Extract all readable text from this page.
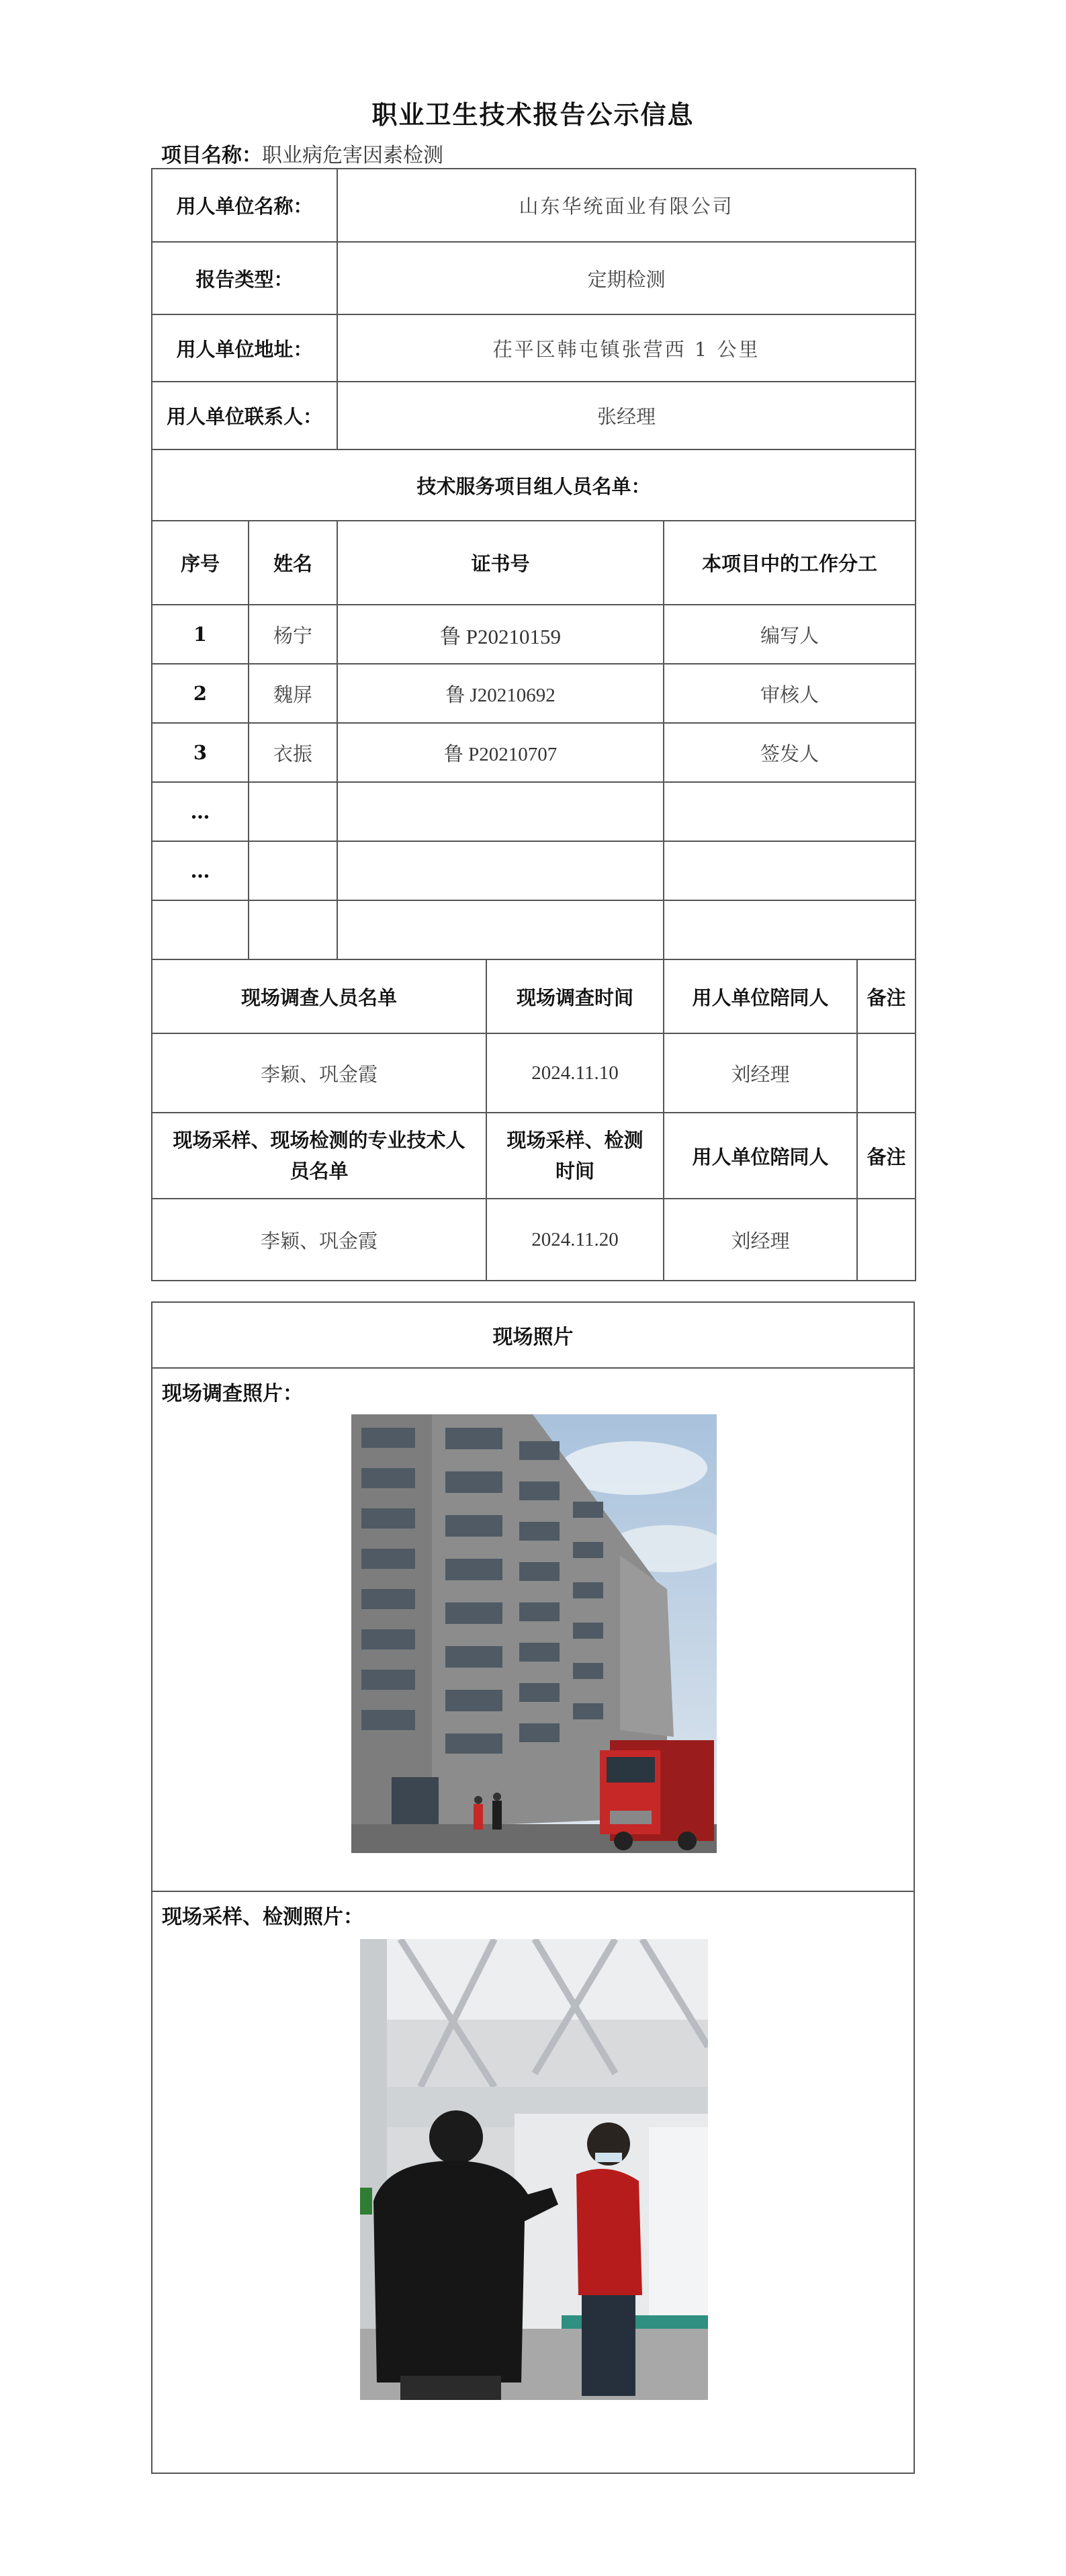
职业卫生技术报告公示信息
项目名称：职业病危害因素检测
用人单位名称：		山东华统面业有限公司			
报告类型：		定期检测			
用人单位地址：		茌平区韩屯镇张营西 1 公里			
用人单位联系人：		张经理			
技术服务项目组人员名单：					
序号	姓名	证书号		本项目中的工作分工	
1	杨宁	鲁 P20210159		编写人	
2	魏屏	鲁 J20210692		审核人	
3	衣振	鲁 P20210707		签发人	
…					
…					

现场调查人员名单			现场调查时间	用人单位陪同人	备注
李颖、巩金霞			2024.11.10	刘经理	
现场采样、现场检测的专业技术人员名单			现场采样、检测时间	用人单位陪同人	备注
李颖、巩金霞			2024.11.20	刘经理	
现场照片
现场调查照片：
现场采样、检测照片：
